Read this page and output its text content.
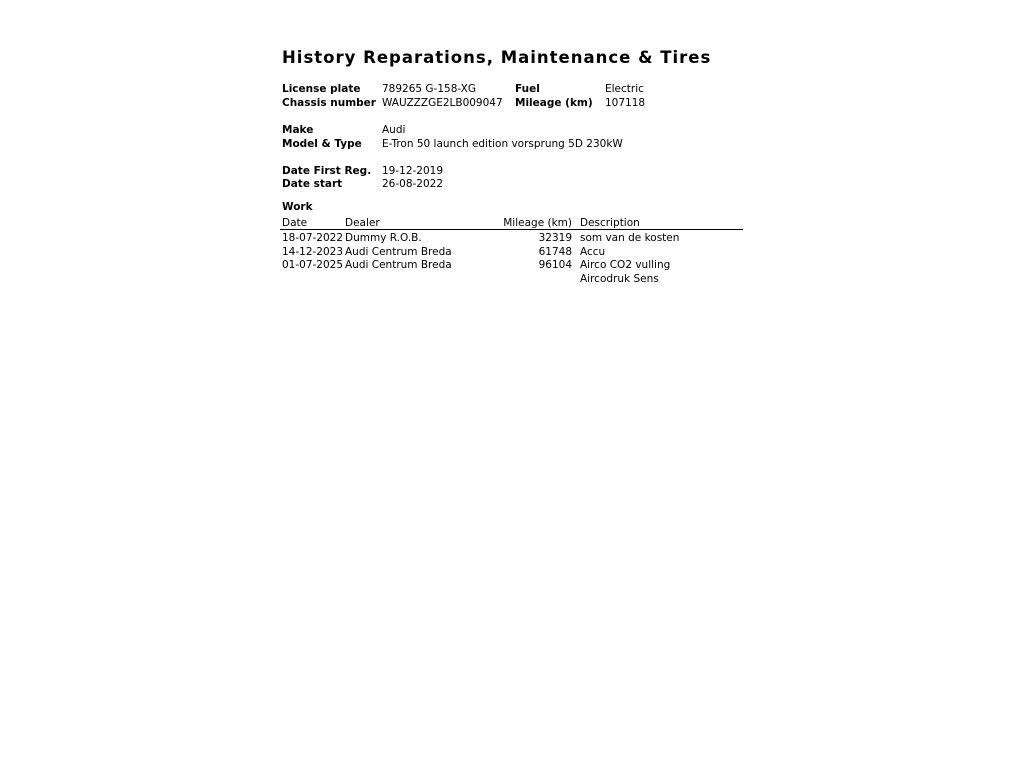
History Reparations, Maintenance & Tires
License plate 789265 G-158-XG	Fuel	Electric
Chassis number WAUZZZGE2LB009047 Mileage (km) 107118
Make	Audi
Model & Type E-Tron 50 launch edition vorsprung 5D 230kW
Date First Reg. 19-12-2019
Date start	26-08-2022
Work
Date	Dealer	Mileage (km) Description
18-07-2022 Dummy R.O.B.	32319 som van de kosten
14-12-2023 Audi Centrum Breda	61748 Accu
01-07-2025 Audi Centrum Breda	96104 Airco CO2 vulling
Aircodruk Sens
